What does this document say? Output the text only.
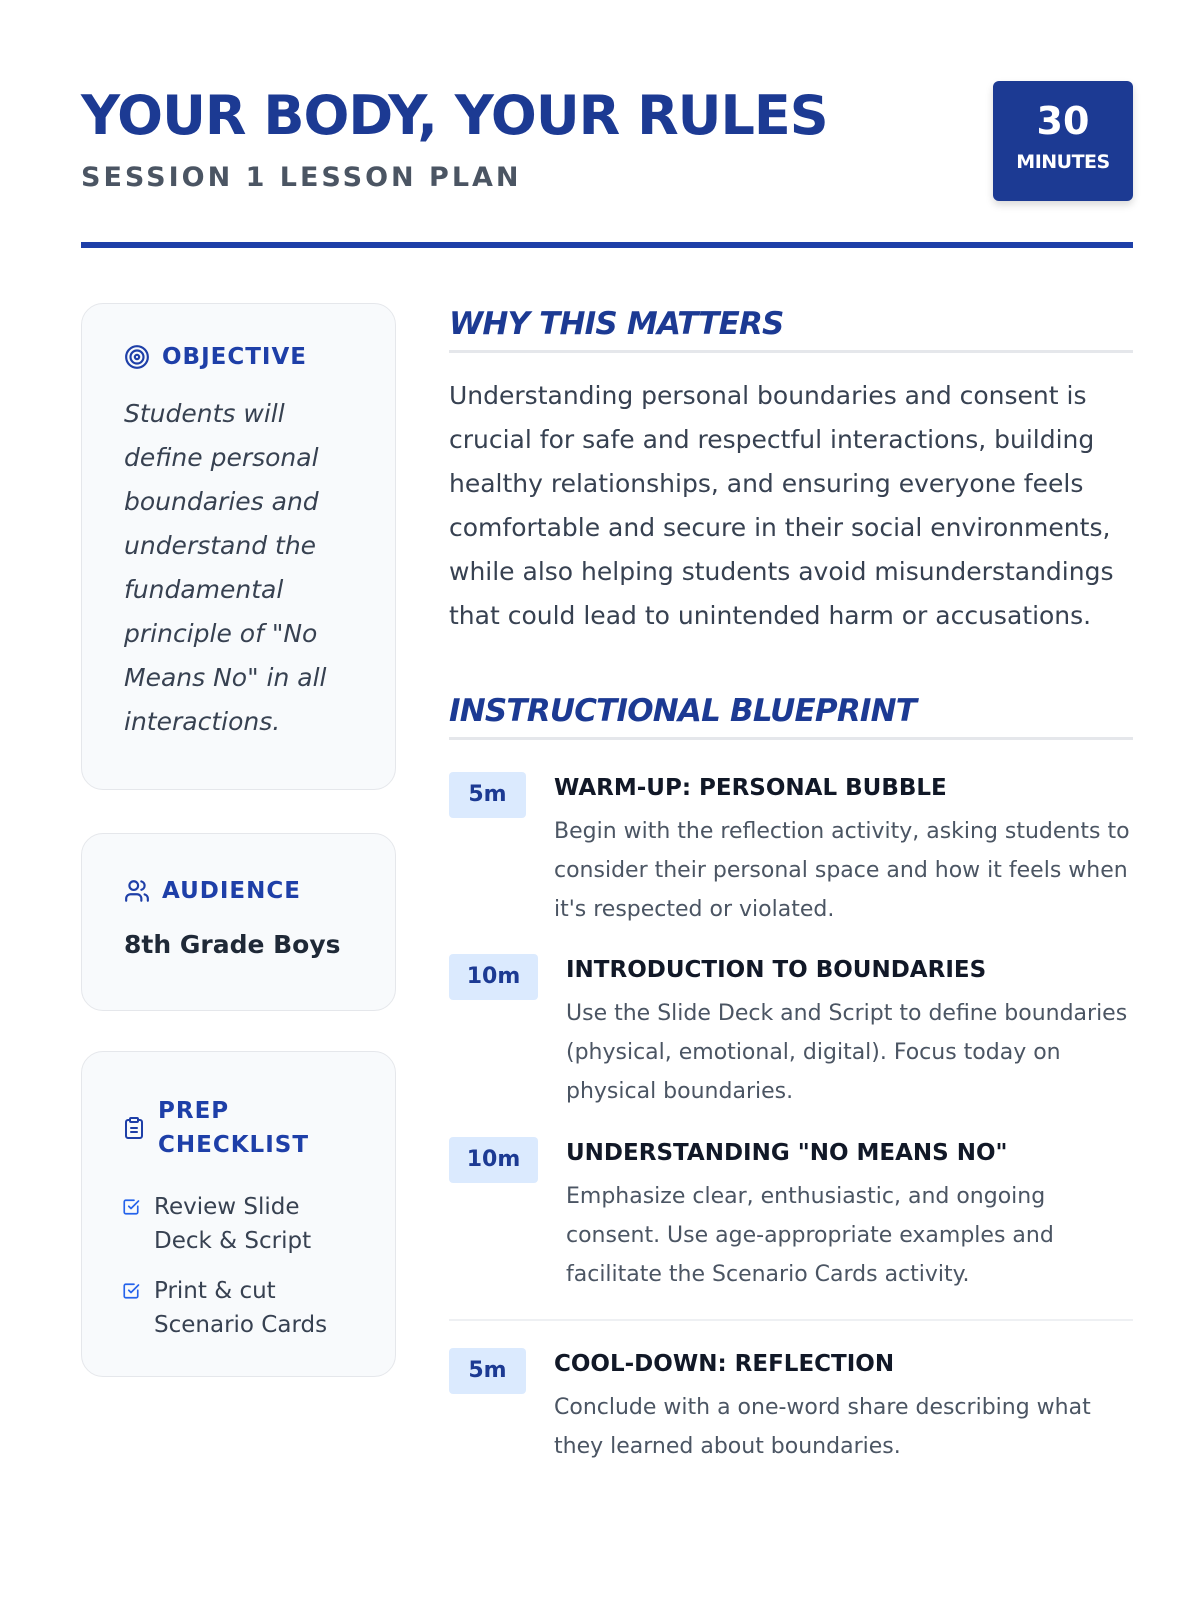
YOUR BODY, YOUR RULES
SESSION 1 LESSON PLAN
30
MINUTES
OBJECTIVE

Students will define personal boundaries and understand the fundamental principle of "No Means No" in all interactions.

AUDIENCE
8th Grade Boys
PREP CHECKLIST
Review Slide Deck & Script
Print & cut Scenario Cards
WHY THIS MATTERS

Understanding personal boundaries and consent is crucial for safe and respectful interactions, building healthy relationships, and ensuring everyone feels comfortable and secure in their social environments, while also helping students avoid misunderstandings that could lead to unintended harm or accusations.

INSTRUCTIONAL BLUEPRINT
5m	WARM-UP: PERSONAL BUBBLE

Begin with the reflection activity, asking students to consider their personal space and how it feels when it's respected or violated.

10m	INTRODUCTION TO BOUNDARIES

Use the Slide Deck and Script to define boundaries (physical, emotional, digital). Focus today on physical boundaries.

10m	UNDERSTANDING "NO MEANS NO"

Emphasize clear, enthusiastic, and ongoing consent. Use age-appropriate examples and facilitate the Scenario Cards activity.

5m	COOL-DOWN: REFLECTION

Conclude with a one-word share describing what they learned about boundaries.
